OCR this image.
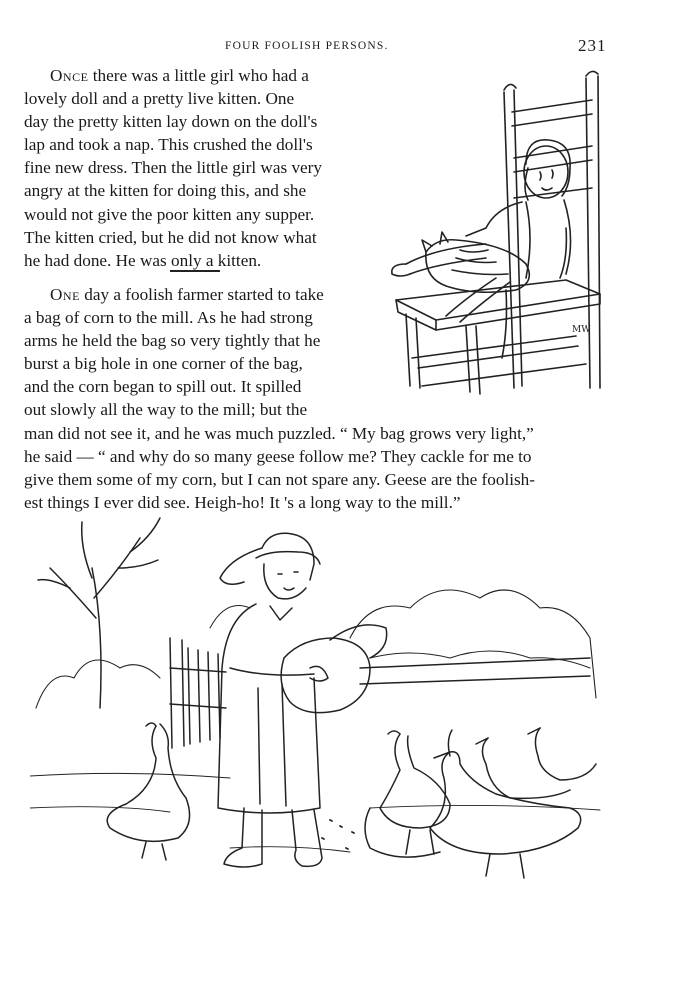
FOUR FOOLISH PERSONS.	231
Once there was a little girl who had a
lovely doll and a pretty live kitten. One
day the pretty kitten lay down on the doll's
lap and took a nap. This crushed the doll's
fine new dress. Then the little girl was very
angry at the kitten for doing this, and she
would not give the poor kitten any supper.
The kitten cried, but he did not know what
he had done. He was only a kitten.
One day a foolish farmer started to take
a bag of corn to the mill. As he had strong
arms he held the bag so very tightly that he
burst a big hole in one corner of the bag,
and the corn began to spill out. It spilled
out slowly all the way to the mill; but the
man did not see it, and he was much puzzled. “ My bag grows very light,”
he said — “ and why do so many geese follow me? They cackle for me to
give them some of my corn, but I can not spare any. Geese are the foolish-
est things I ever did see. Heigh-ho! It 's a long way to the mill.”
MW
